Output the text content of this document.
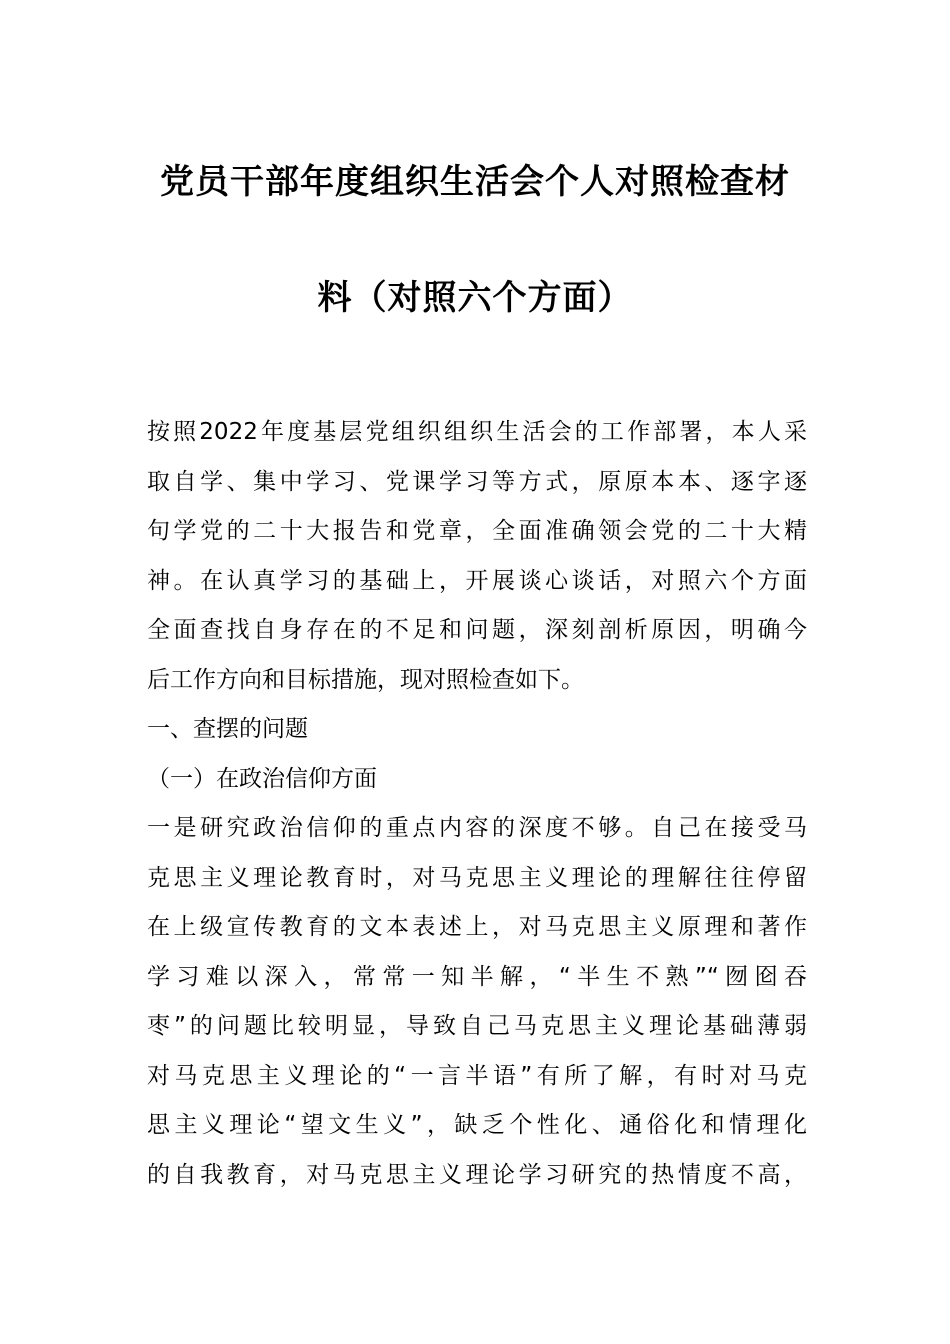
党员干部年度组织生活会个人对照检查材
料（对照六个方面）
按照2022年度基层党组织组织生活会的工作部署，本人采
取自学、集中学习、党课学习等方式，原原本本、逐字逐
句学党的二十大报告和党章，全面准确领会党的二十大精
神。在认真学习的基础上，开展谈心谈话，对照六个方面
全面查找自身存在的不足和问题，深刻剖析原因，明确今
后工作方向和目标措施，现对照检查如下。
一、查摆的问题
（一）在政治信仰方面
一是研究政治信仰的重点内容的深度不够。自己在接受马
克思主义理论教育时，对马克思主义理论的理解往往停留
在上级宣传教育的文本表述上，对马克思主义原理和著作
学习难以深入，常常一知半解，“半生不熟”“囫囵吞
枣”的问题比较明显，导致自己马克思主义理论基础薄弱
对马克思主义理论的“一言半语”有所了解，有时对马克
思主义理论“望文生义”，缺乏个性化、通俗化和情理化
的自我教育，对马克思主义理论学习研究的热情度不高，
